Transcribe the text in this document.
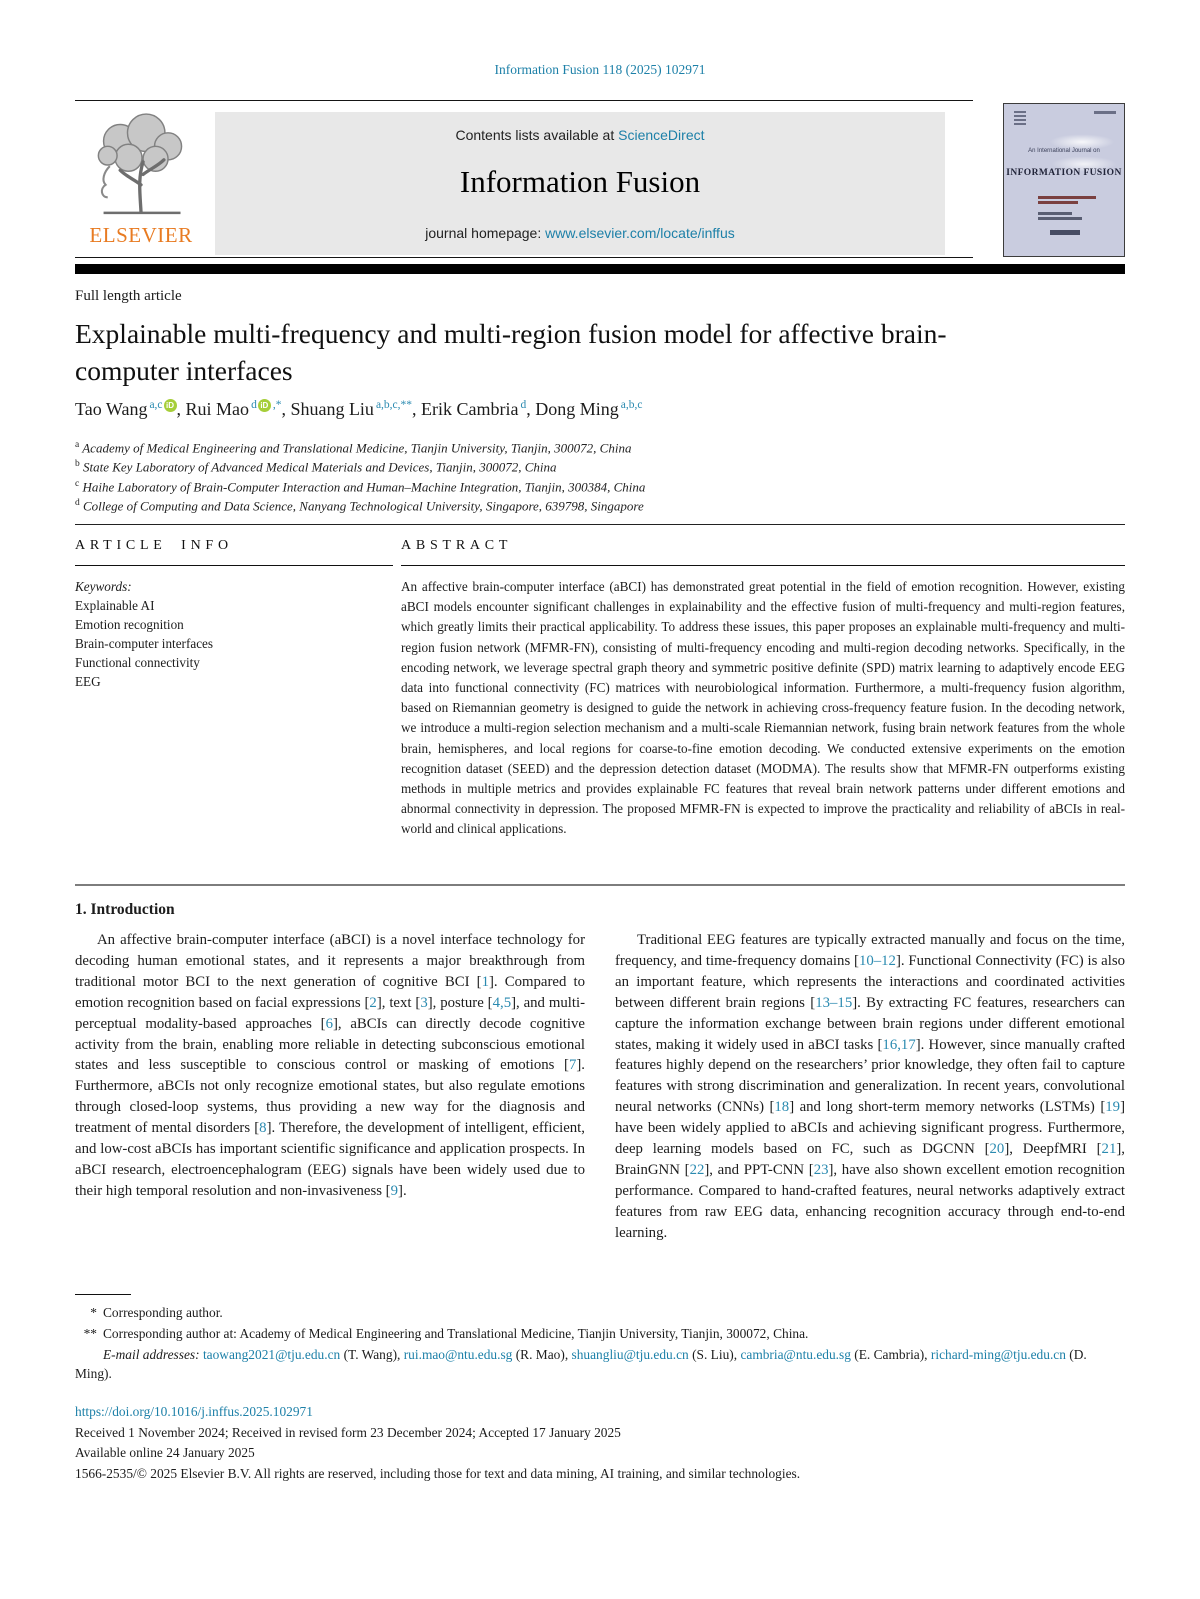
Information Fusion 118 (2025) 102971
ELSEVIER
Contents lists available at ScienceDirect
Information Fusion
journal homepage: www.elsevier.com/locate/inffus
An International Journal on
INFORMATION FUSION
Full length article
Explainable multi-frequency and multi-region fusion model for affective brain-computer interfaces
Tao Wang $^{a,c}$ iD , Rui Mao $^d$ iD ,*, Shuang Liu $^{a,b,c,**}$, Erik Cambria $^d$, Dong Ming $^{a,b,c}$
$^a$ Academy of Medical Engineering and Translational Medicine, Tianjin University, Tianjin, 300072, China
$^b$ State Key Laboratory of Advanced Medical Materials and Devices, Tianjin, 300072, China
$^c$ Haihe Laboratory of Brain-Computer Interaction and Human–Machine Integration, Tianjin, 300384, China
$^d$ College of Computing and Data Science, Nanyang Technological University, Singapore, 639798, Singapore
ARTICLE INFO
Keywords:
Explainable AI
Emotion recognition
Brain-computer interfaces
Functional connectivity
EEG
ABSTRACT
An affective brain-computer interface (aBCI) has demonstrated great potential in the field of emotion recognition. However, existing aBCI models encounter significant challenges in explainability and the effective fusion of multi-frequency and multi-region features, which greatly limits their practical applicability. To address these issues, this paper proposes an explainable multi-frequency and multi-region fusion network (MFMR-FN), consisting of multi-frequency encoding and multi-region decoding networks. Specifically, in the encoding network, we leverage spectral graph theory and symmetric positive definite (SPD) matrix learning to adaptively encode EEG data into functional connectivity (FC) matrices with neurobiological information. Furthermore, a multi-frequency fusion algorithm, based on Riemannian geometry is designed to guide the network in achieving cross-frequency feature fusion. In the decoding network, we introduce a multi-region selection mechanism and a multi-scale Riemannian network, fusing brain network features from the whole brain, hemispheres, and local regions for coarse-to-fine emotion decoding. We conducted extensive experiments on the emotion recognition dataset (SEED) and the depression detection dataset (MODMA). The results show that MFMR-FN outperforms existing methods in multiple metrics and provides explainable FC features that reveal brain network patterns under different emotions and abnormal connectivity in depression. The proposed MFMR-FN is expected to improve the practicality and reliability of aBCIs in real-world and clinical applications.
1. Introduction

An affective brain-computer interface (aBCI) is a novel interface technology for decoding human emotional states, and it represents a major breakthrough from traditional motor BCI to the next generation of cognitive BCI [1]. Compared to emotion recognition based on facial expressions [2], text [3], posture [4,5], and multi-perceptual modality-based approaches [6], aBCIs can directly decode cognitive activity from the brain, enabling more reliable in detecting subconscious emotional states and less susceptible to conscious control or masking of emotions [7]. Furthermore, aBCIs not only recognize emotional states, but also regulate emotions through closed-loop systems, thus providing a new way for the diagnosis and treatment of mental disorders [8]. Therefore, the development of intelligent, efficient, and low-cost aBCIs has important scientific significance and application prospects. In aBCI research, electroencephalogram (EEG) signals have been widely used due to their high temporal resolution and non-invasiveness [9].

Traditional EEG features are typically extracted manually and focus on the time, frequency, and time-frequency domains [10–12]. Functional Connectivity (FC) is also an important feature, which represents the interactions and coordinated activities between different brain regions [13–15]. By extracting FC features, researchers can capture the information exchange between brain regions under different emotional states, making it widely used in aBCI tasks [16,17]. However, since manually crafted features highly depend on the researchers’ prior knowledge, they often fail to capture features with strong discrimination and generalization. In recent years, convolutional neural networks (CNNs) [18] and long short-term memory networks (LSTMs) [19] have been widely applied to aBCIs and achieving significant progress. Furthermore, deep learning models based on FC, such as DGCNN [20], DeepfMRI [21], BrainGNN [22], and PPT-CNN [23], have also shown excellent emotion recognition performance. Compared to hand-crafted features, neural networks adaptively extract features from raw EEG data, enhancing recognition accuracy through end-to-end learning.

* Corresponding author.
** Corresponding author at: Academy of Medical Engineering and Translational Medicine, Tianjin University, Tianjin, 300072, China.

E-mail addresses: taowang2021@tju.edu.cn (T. Wang), rui.mao@ntu.edu.sg (R. Mao), shuangliu@tju.edu.cn (S. Liu), cambria@ntu.edu.sg (E. Cambria), richard-ming@tju.edu.cn (D. Ming).

https://doi.org/10.1016/j.inffus.2025.102971
Received 1 November 2024; Received in revised form 23 December 2024; Accepted 17 January 2025
Available online 24 January 2025
1566-2535/© 2025 Elsevier B.V. All rights are reserved, including those for text and data mining, AI training, and similar technologies.
